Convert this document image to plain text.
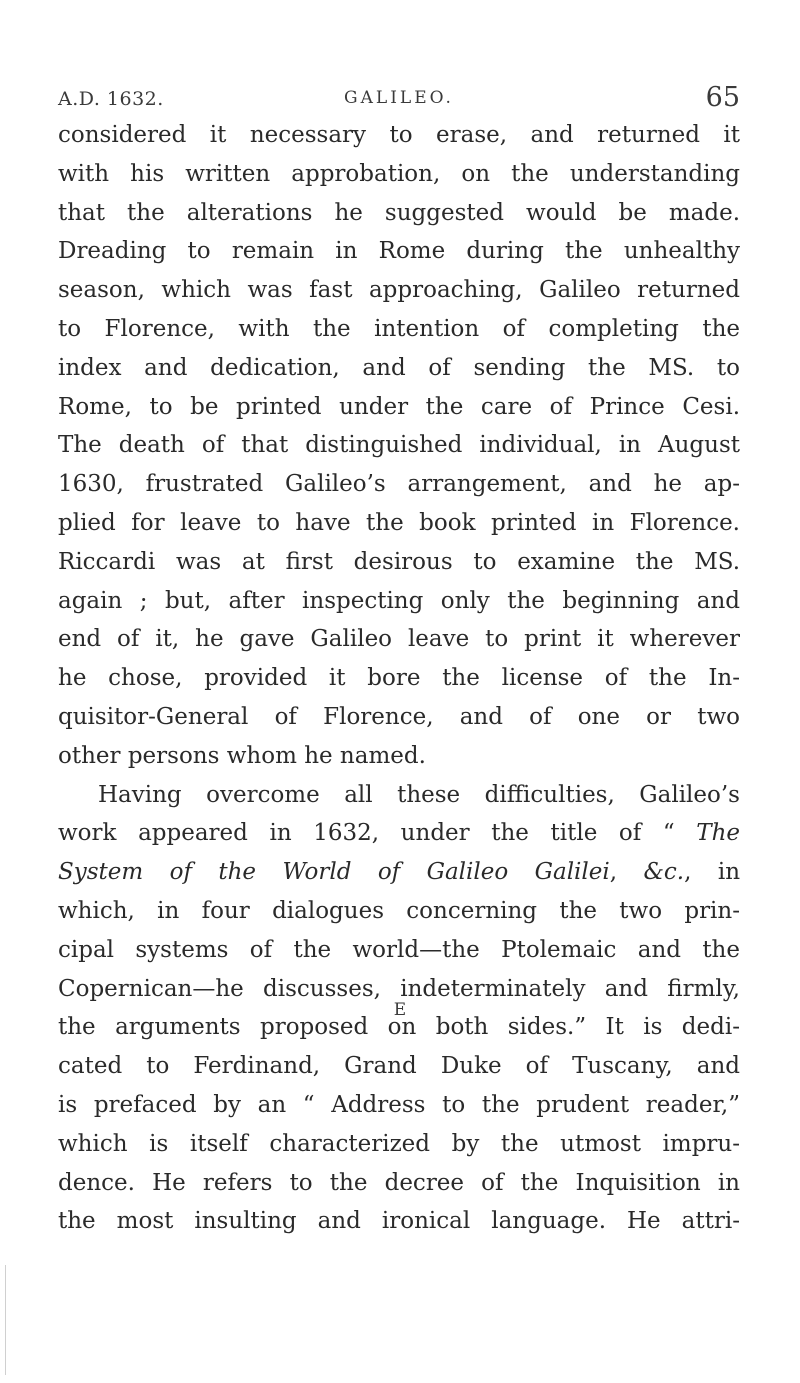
A.D. 1632.	GALILEO.	65
considered it necessary to erase, and returned it
with his written approbation, on the understanding
that the alterations he suggested would be made.
Dreading to remain in Rome during the unhealthy
season, which was fast approaching, Galileo returned
to Florence, with the intention of completing the
index and dedication, and of sending the MS. to
Rome, to be printed under the care of Prince Cesi.
The death of that distinguished individual, in August
1630, frustrated Galileo’s arrangement, and he ap-
plied for leave to have the book printed in Florence.
Riccardi was at first desirous to examine the MS.
again ; but, after inspecting only the beginning and
end of it, he gave Galileo leave to print it wherever
he chose, provided it bore the license of the In-
quisitor-General of Florence, and of one or two
other persons whom he named.
Having overcome all these difficulties, Galileo’s
work appeared in 1632, under the title of “ The
System of the World of Galileo Galilei, &c., in
which, in four dialogues concerning the two prin-
cipal systems of the world—the Ptolemaic and the
Copernican—he discusses, indeterminately and firmly,
the arguments proposed on both sides.” It is dedi-
cated to Ferdinand, Grand Duke of Tuscany, and
is prefaced by an “ Address to the prudent reader,”
which is itself characterized by the utmost impru-
dence. He refers to the decree of the Inquisition in
the most insulting and ironical language. He attri-
E
